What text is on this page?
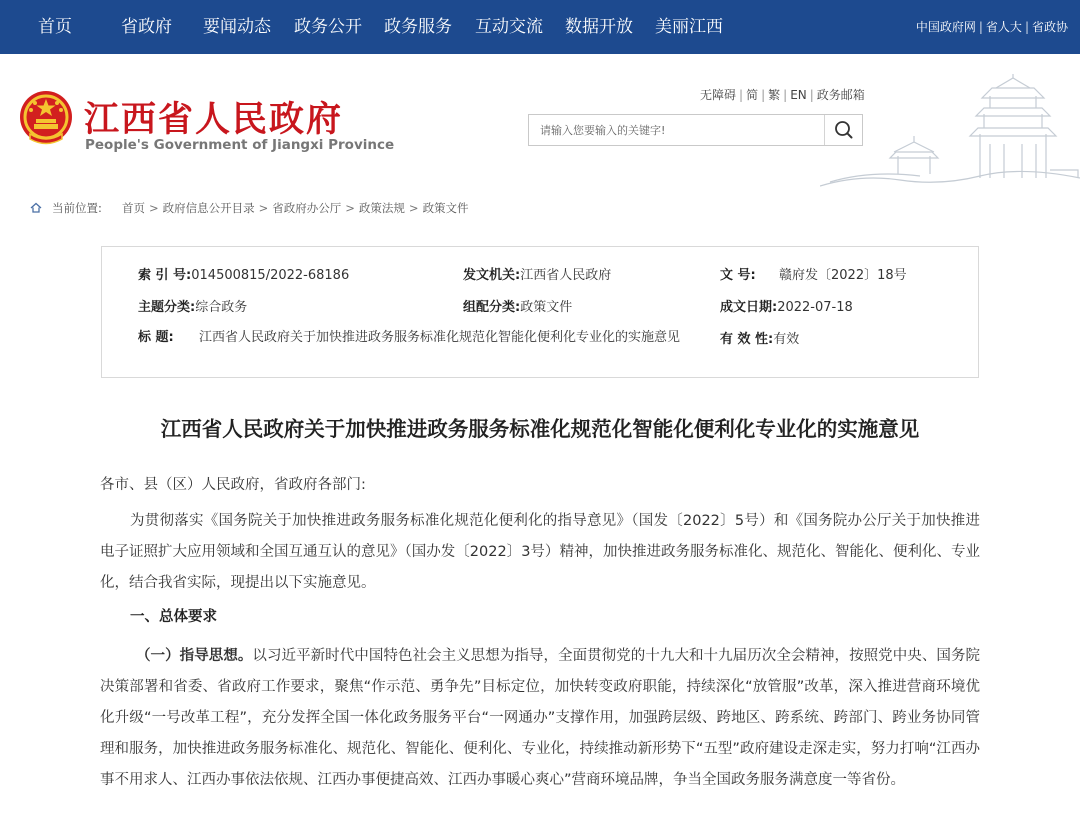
首页	省政府 要闻动态 政务公开 政务服务 互动交流 数据开放 美丽江西	中国政府网 | 省人大 | 省政协
江西省人民政府
People's Government of Jiangxi Province
无障碍 | 简 | 繁 | EN | 政务邮箱
请输入您要输入的关键字!
当前位置: 首页 > 政府信息公开目录 > 省政府办公厅 > 政策法规 > 政策文件
索 引 号:014500815/2022-68186	发文机关:江西省人民政府	文 号: 赣府发〔2022〕18号
主题分类:综合政务	组配分类:政策文件	成文日期:2022-07-18
标 题: 江西省人民政府关于加快推进政务服务标准化规范化智能化便利化专业化的实施意见	有 效 性:有效
江西省人民政府关于加快推进政务服务标准化规范化智能化便利化专业化的实施意见
各市、县（区）人民政府，省政府各部门:
为贯彻落实《国务院关于加快推进政务服务标准化规范化便利化的指导意见》（国发〔2022〕5号）和《国务院办公厅关于加快推进电子证照扩大应用领域和全国互通互认的意见》（国办发〔2022〕3号）精神，加快推进政务服务标准化、规范化、智能化、便利化、专业化，结合我省实际，现提出以下实施意见。
一、总体要求
（一）指导思想。以习近平新时代中国特色社会主义思想为指导，全面贯彻党的十九大和十九届历次全会精神，按照党中央、国务院决策部署和省委、省政府工作要求，聚焦“作示范、勇争先”目标定位，加快转变政府职能，持续深化“放管服”改革，深入推进营商环境优化升级“一号改革工程”，充分发挥全国一体化政务服务平台“一网通办”支撑作用，加强跨层级、跨地区、跨系统、跨部门、跨业务协同管理和服务，加快推进政务服务标准化、规范化、智能化、便利化、专业化，持续推动新形势下“五型”政府建设走深走实，努力打响“江西办事不用求人、江西办事依法依规、江西办事便捷高效、江西办事暖心爽心”营商环境品牌，争当全国政务服务满意度一等省份。
